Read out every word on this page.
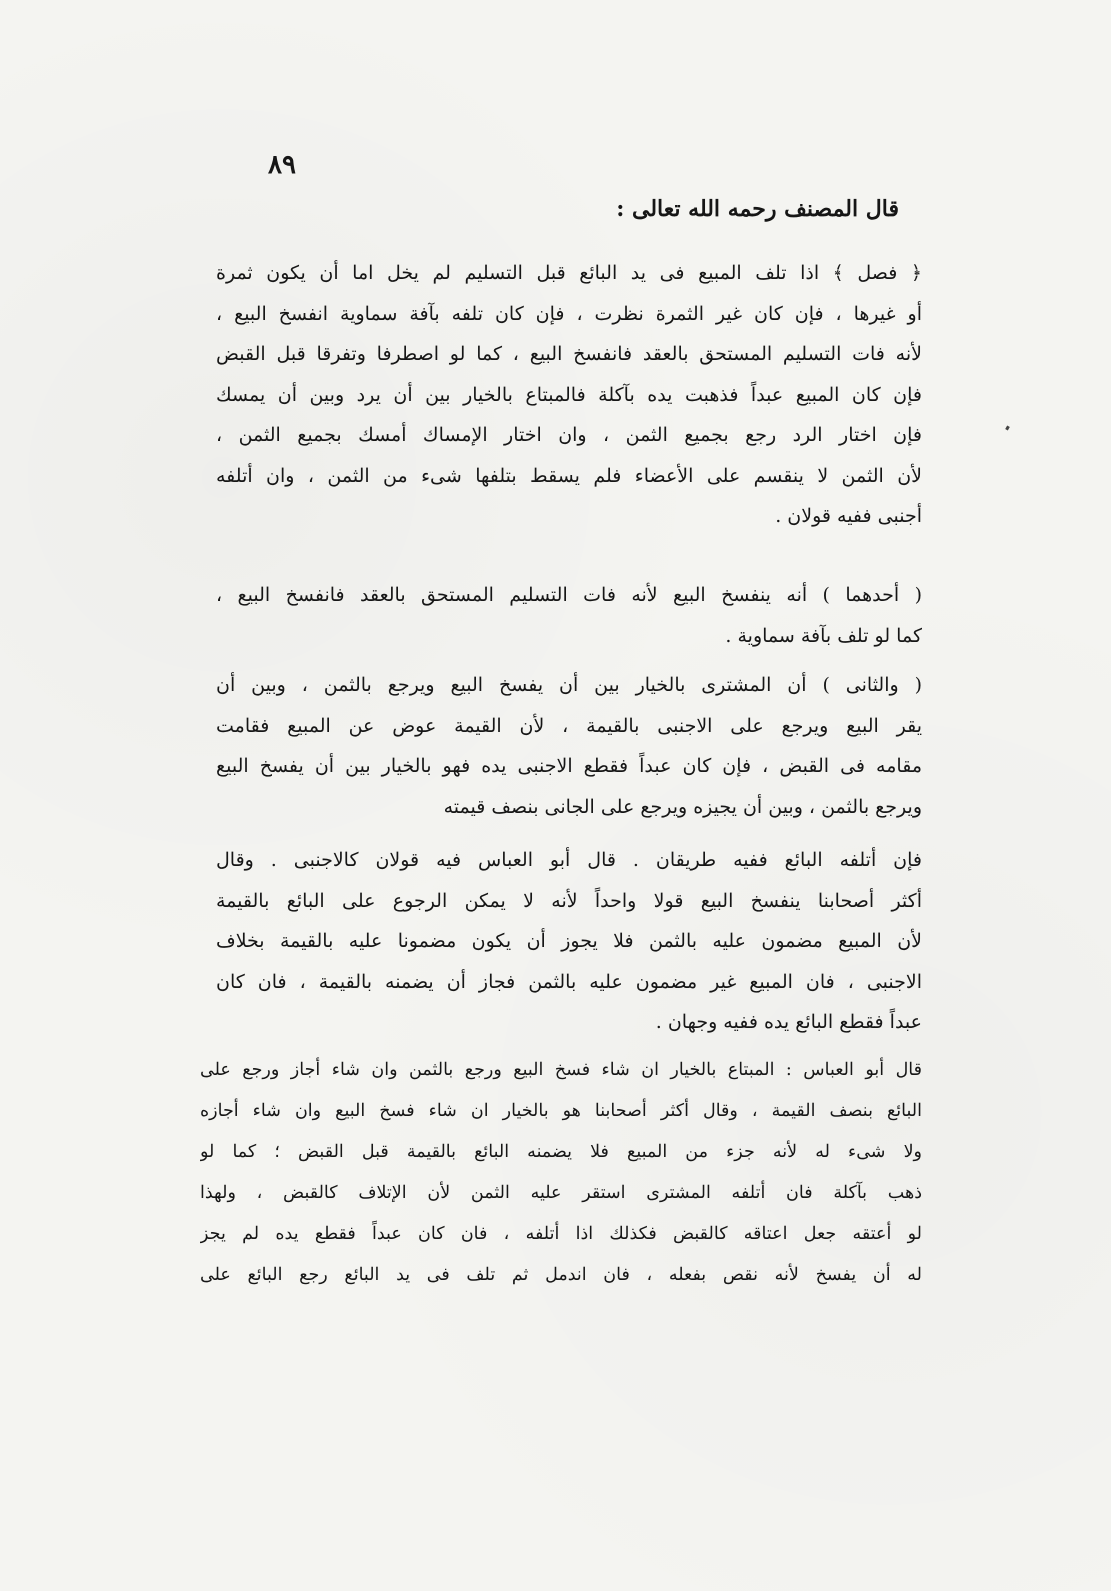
٨٩
قال المصنف رحمه الله تعالى :
﴿ فصل ﴾ اذا تلف المبيع فى يد البائع قبل التسليم لم يخل اما أن يكون ثمرة
أو غيرها ، فإن كان غير الثمرة نظرت ، فإن كان تلفه بآفة سماوية انفسخ البيع ،
لأنه فات التسليم المستحق بالعقد فانفسخ البيع ، كما لو اصطرفا وتفرقا قبل القبض
فإن كان المبيع عبداً فذهبت يده بآكلة فالمبتاع بالخيار بين أن يرد وبين أن يمسك
فإن اختار الرد رجع بجميع الثمن ، وان اختار الإمساك أمسك بجميع الثمن ،
لأن الثمن لا ينقسم على الأعضاء فلم يسقط بتلفها شىء من الثمن ، وان أتلفه
أجنبى ففيه قولان .
( أحدهما ) أنه ينفسخ البيع لأنه فات التسليم المستحق بالعقد فانفسخ البيع ،
كما لو تلف بآفة سماوية .
( والثانى ) أن المشترى بالخيار بين أن يفسخ البيع ويرجع بالثمن ، وبين أن
يقر البيع ويرجع على الاجنبى بالقيمة ، لأن القيمة عوض عن المبيع فقامت
مقامه فى القبض ، فإن كان عبداً فقطع الاجنبى يده فهو بالخيار بين أن يفسخ البيع
ويرجع بالثمن ، وبين أن يجيزه ويرجع على الجانى بنصف قيمته
فإن أتلفه البائع ففيه طريقان . قال أبو العباس فيه قولان كالاجنبى . وقال
أكثر أصحابنا ينفسخ البيع قولا واحداً لأنه لا يمكن الرجوع على البائع بالقيمة
لأن المبيع مضمون عليه بالثمن فلا يجوز أن يكون مضمونا عليه بالقيمة بخلاف
الاجنبى ، فان المبيع غير مضمون عليه بالثمن فجاز أن يضمنه بالقيمة ، فان كان
عبداً فقطع البائع يده ففيه وجهان .
قال أبو العباس : المبتاع بالخيار ان شاء فسخ البيع ورجع بالثمن وان شاء أجاز ورجع على
البائع بنصف القيمة ، وقال أكثر أصحابنا هو بالخيار ان شاء فسخ البيع وان شاء أجازه
ولا شىء له لأنه جزء من المبيع فلا يضمنه البائع بالقيمة قبل القبض ؛ كما لو
ذهب بآكلة فان أتلفه المشترى استقر عليه الثمن لأن الإتلاف كالقبض ، ولهذا
لو أعتقه جعل اعتاقه كالقبض فكذلك اذا أتلفه ، فان كان عبداً فقطع يده لم يجز
له أن يفسخ لأنه نقص بفعله ، فان اندمل ثم تلف فى يد البائع رجع البائع على
